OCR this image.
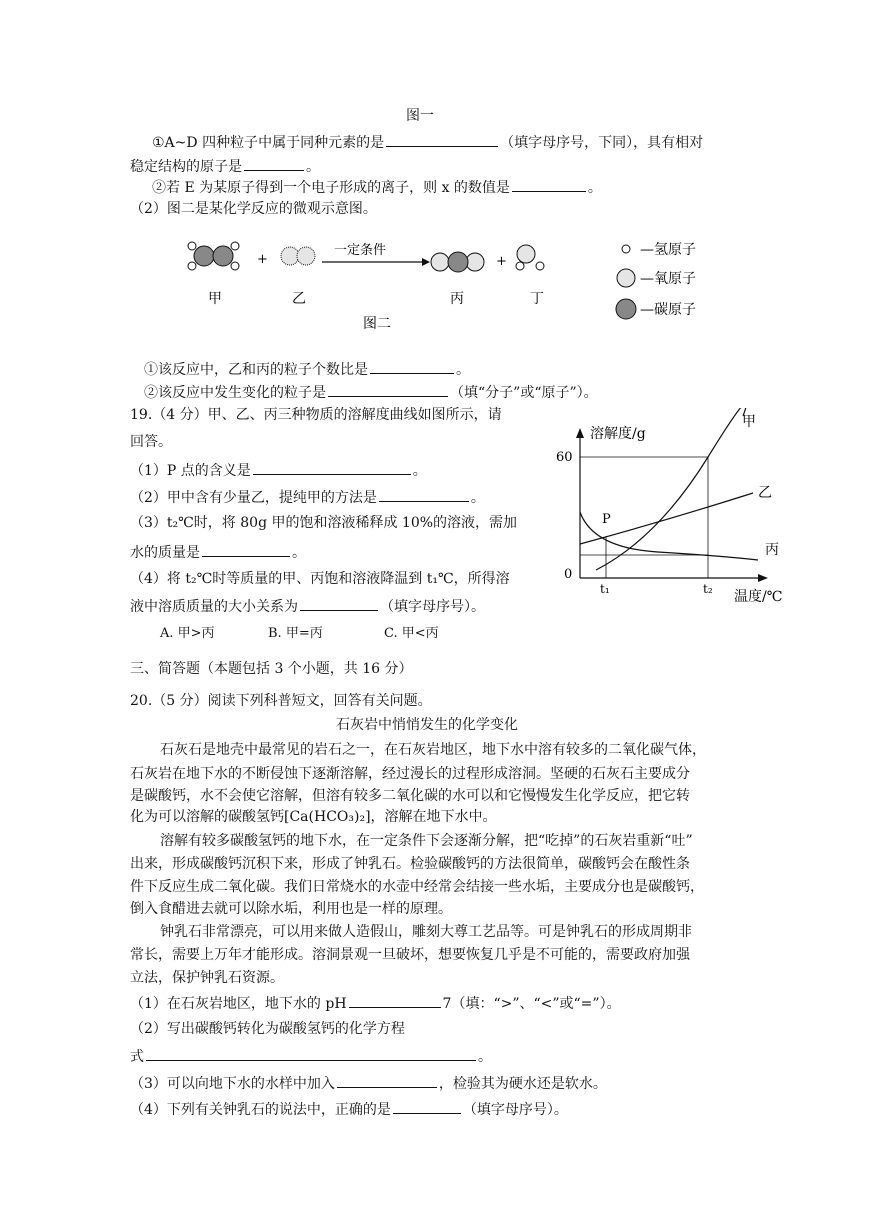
图一
①A~D 四种粒子中属于同种元素的是	（填字母序号，下同），具有相对
稳定结构的原子是	。
②若 E 为某原子得到一个电子形成的离子，则 x 的数值是	。
（2）图二是某化学反应的微观示意图。
+
一定条件
+
甲	乙	丙	丁
图二
—氢原子
—氧原子
—碳原子
①该反应中，乙和丙的粒子个数比是	。
②该反应中发生变化的粒子是	（填“分子”或“原子”）。
19.（4 分）甲、乙、丙三种物质的溶解度曲线如图所示，请
回答。
（1）P 点的含义是	。
（2）甲中含有少量乙，提纯甲的方法是	。
（3）t₂℃时，将 80g 甲的饱和溶液稀释成 10%的溶液，需加
水的质量是	。
（4）将 t₂℃时等质量的甲、丙饱和溶液降温到 t₁℃，所得溶
液中溶质质量的大小关系为	（填字母序号）。
A. 甲>丙	B. 甲=丙	C. 甲<丙
溶解度/g
温度/℃
60
0
t₁	t₂
P
甲
乙
丙
三、简答题（本题包括 3 个小题，共 16 分）
20.（5 分）阅读下列科普短文，回答有关问题。
石灰岩中悄悄发生的化学变化
石灰石是地壳中最常见的岩石之一，在石灰岩地区，地下水中溶有较多的二氧化碳气体，
石灰岩在地下水的不断侵蚀下逐渐溶解，经过漫长的过程形成溶洞。坚硬的石灰石主要成分
是碳酸钙，水不会使它溶解，但溶有较多二氧化碳的水可以和它慢慢发生化学反应，把它转
化为可以溶解的碳酸氢钙[Ca(HCO₃)₂]，溶解在地下水中。
溶解有较多碳酸氢钙的地下水，在一定条件下会逐渐分解，把“吃掉”的石灰岩重新“吐”
出来，形成碳酸钙沉积下来，形成了钟乳石。检验碳酸钙的方法很简单，碳酸钙会在酸性条
件下反应生成二氧化碳。我们日常烧水的水壶中经常会结接一些水垢，主要成分也是碳酸钙，
倒入食醋进去就可以除水垢，利用也是一样的原理。
钟乳石非常漂亮，可以用来做人造假山，雕刻大尊工艺品等。可是钟乳石的形成周期非
常长，需要上万年才能形成。溶洞景观一旦破坏，想要恢复几乎是不可能的，需要政府加强
立法，保护钟乳石资源。
（1）在石灰岩地区，地下水的 pH	7（填：“>”、“<”或“=”）。
（2）写出碳酸钙转化为碳酸氢钙的化学方程
式	。
（3）可以向地下水的水样中加入	，检验其为硬水还是软水。
（4）下列有关钟乳石的说法中，正确的是	（填字母序号）。
